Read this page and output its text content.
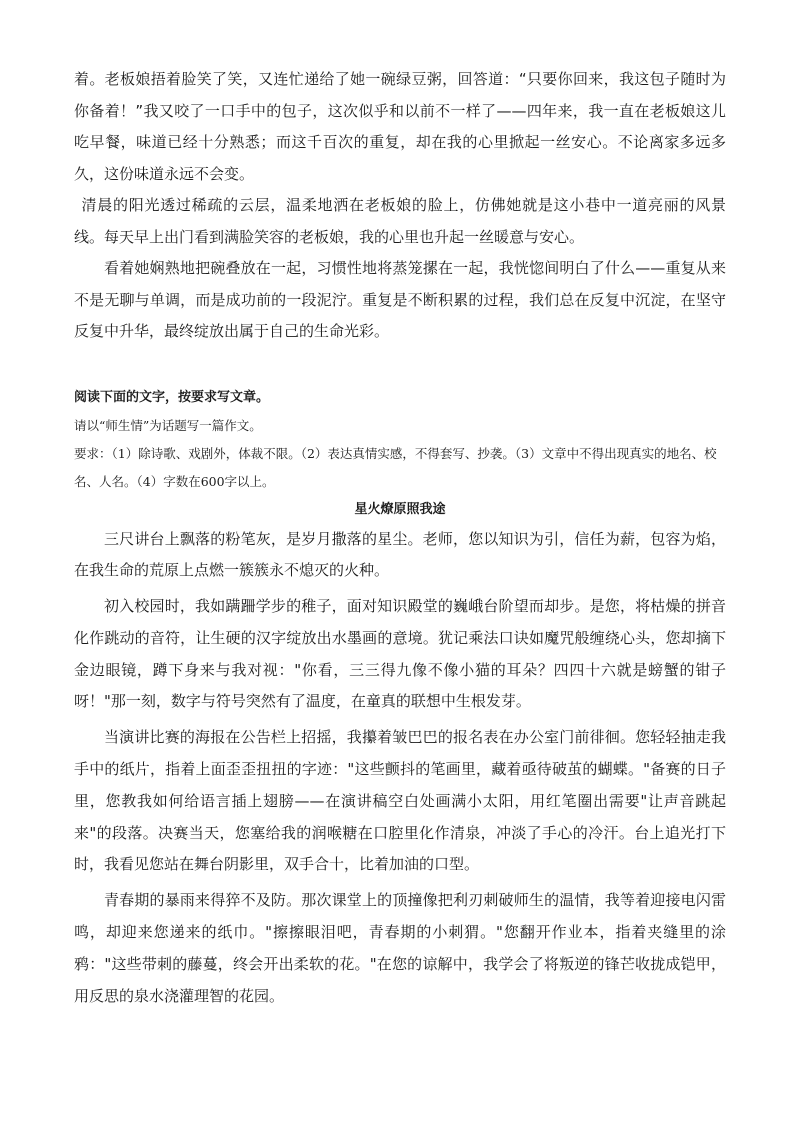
着。老板娘捂着脸笑了笑，又连忙递给了她一碗绿豆粥，回答道：“只要你回来，我这包子随时为你备着！”我又咬了一口手中的包子，这次似乎和以前不一样了——四年来，我一直在老板娘这儿吃早餐，味道已经十分熟悉；而这千百次的重复，却在我的心里掀起一丝安心。不论离家多远多久，这份味道永远不会变。

清晨的阳光透过稀疏的云层，温柔地洒在老板娘的脸上，仿佛她就是这小巷中一道亮丽的风景线。每天早上出门看到满脸笑容的老板娘，我的心里也升起一丝暖意与安心。

看着她娴熟地把碗叠放在一起，习惯性地将蒸笼摞在一起，我恍惚间明白了什么——重复从来不是无聊与单调，而是成功前的一段泥泞。重复是不断积累的过程，我们总在反复中沉淀，在坚守反复中升华，最终绽放出属于自己的生命光彩。

阅读下面的文字，按要求写文章。

请以“师生情”为话题写一篇作文。

要求：（1）除诗歌、戏剧外，体裁不限。（2）表达真情实感，不得套写、抄袭。（3）文章中不得出现真实的地名、校名、人名。（4）字数在600字以上。

星火燎原照我途

三尺讲台上飘落的粉笔灰，是岁月撒落的星尘。老师，您以知识为引，信任为薪，包容为焰，在我生命的荒原上点燃一簇簇永不熄灭的火种。

初入校园时，我如蹒跚学步的稚子，面对知识殿堂的巍峨台阶望而却步。是您，将枯燥的拼音化作跳动的音符，让生硬的汉字绽放出水墨画的意境。犹记乘法口诀如魔咒般缠绕心头，您却摘下金边眼镜，蹲下身来与我对视："你看，三三得九像不像小猫的耳朵？四四十六就是螃蟹的钳子呀！"那一刻，数字与符号突然有了温度，在童真的联想中生根发芽。

当演讲比赛的海报在公告栏上招摇，我攥着皱巴巴的报名表在办公室门前徘徊。您轻轻抽走我手中的纸片，指着上面歪歪扭扭的字迹："这些颤抖的笔画里，藏着亟待破茧的蝴蝶。"备赛的日子里，您教我如何给语言插上翅膀——在演讲稿空白处画满小太阳，用红笔圈出需要"让声音跳起来"的段落。决赛当天，您塞给我的润喉糖在口腔里化作清泉，冲淡了手心的冷汗。台上追光打下时，我看见您站在舞台阴影里，双手合十，比着加油的口型。

青春期的暴雨来得猝不及防。那次课堂上的顶撞像把利刃刺破师生的温情，我等着迎接电闪雷鸣，却迎来您递来的纸巾。"擦擦眼泪吧，青春期的小刺猬。"您翻开作业本，指着夹缝里的涂鸦："这些带刺的藤蔓，终会开出柔软的花。"在您的谅解中，我学会了将叛逆的锋芒收拢成铠甲，用反思的泉水浇灌理智的花园。
